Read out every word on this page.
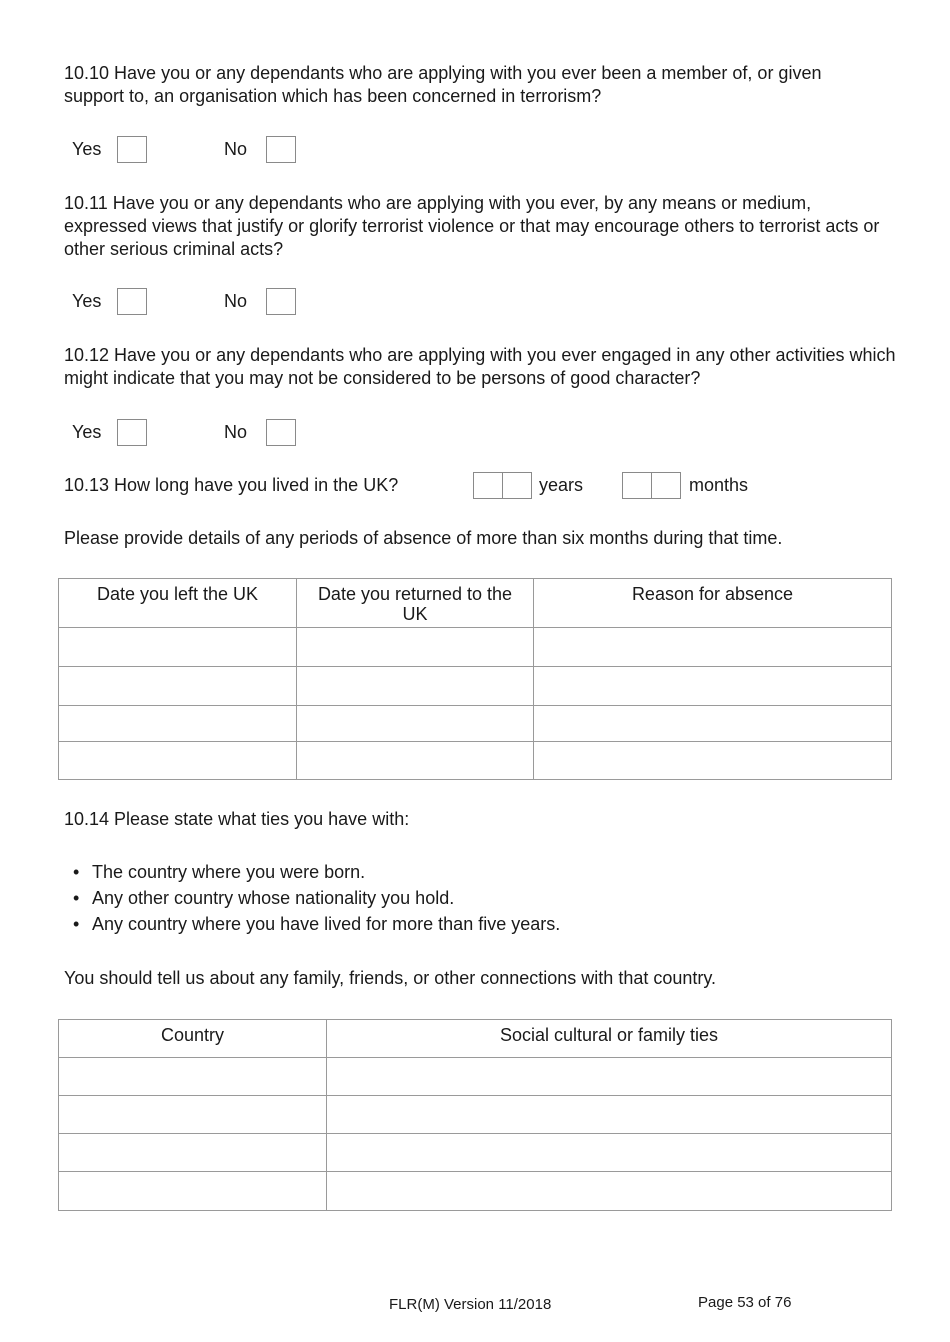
10.10 Have you or any dependants who are applying with you ever been a member of, or given support to, an organisation which has been concerned in terrorism?
Yes	No
10.11 Have you or any dependants who are applying with you ever, by any means or medium, expressed views that justify or glorify terrorist violence or that may encourage others to terrorist acts or other serious criminal acts?
Yes	No
10.12 Have you or any dependants who are applying with you ever engaged in any other activities which might indicate that you may not be considered to be persons of good character?
Yes	No
10.13 How long have you lived in the UK?	years	months
Please provide details of any periods of absence of more than six months during that time.
Date you left the UK	Date you returned to the UK	Reason for absence

10.14 Please state what ties you have with:
• The country where you were born.
• Any other country whose nationality you hold.
• Any country where you have lived for more than five years.
You should tell us about any family, friends, or other connections with that country.
Country	Social cultural or family ties

FLR(M) Version 11/2018	Page 53 of 76
